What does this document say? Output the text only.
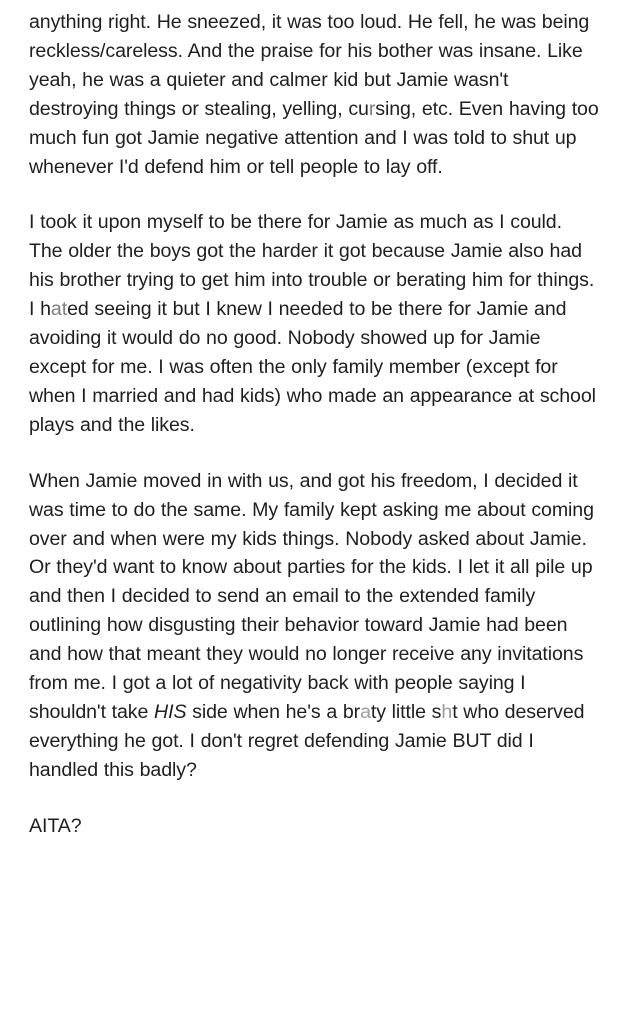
anything right. He sneezed, it was too loud. He fell, he was being reckless/careless. And the praise for his bother was insane. Like yeah, he was a quieter and calmer kid but Jamie wasn't destroying things or stealing, yelling, cursing, etc. Even having too much fun got Jamie negative attention and I was told to shut up whenever I'd defend him or tell people to lay off.

I took it upon myself to be there for Jamie as much as I could. The older the boys got the harder it got because Jamie also had his brother trying to get him into trouble or berating him for things. I hated seeing it but I knew I needed to be there for Jamie and avoiding it would do no good. Nobody showed up for Jamie except for me. I was often the only family member (except for when I married and had kids) who made an appearance at school plays and the likes.

When Jamie moved in with us, and got his freedom, I decided it was time to do the same. My family kept asking me about coming over and when were my kids things. Nobody asked about Jamie. Or they'd want to know about parties for the kids. I let it all pile up and then I decided to send an email to the extended family outlining how disgusting their behavior toward Jamie had been and how that meant they would no longer receive any invitations from me. I got a lot of negativity back with people saying I shouldn't take HIS side when he's a braty little sht who deserved everything he got. I don't regret defending Jamie BUT did I handled this badly?

AITA?
